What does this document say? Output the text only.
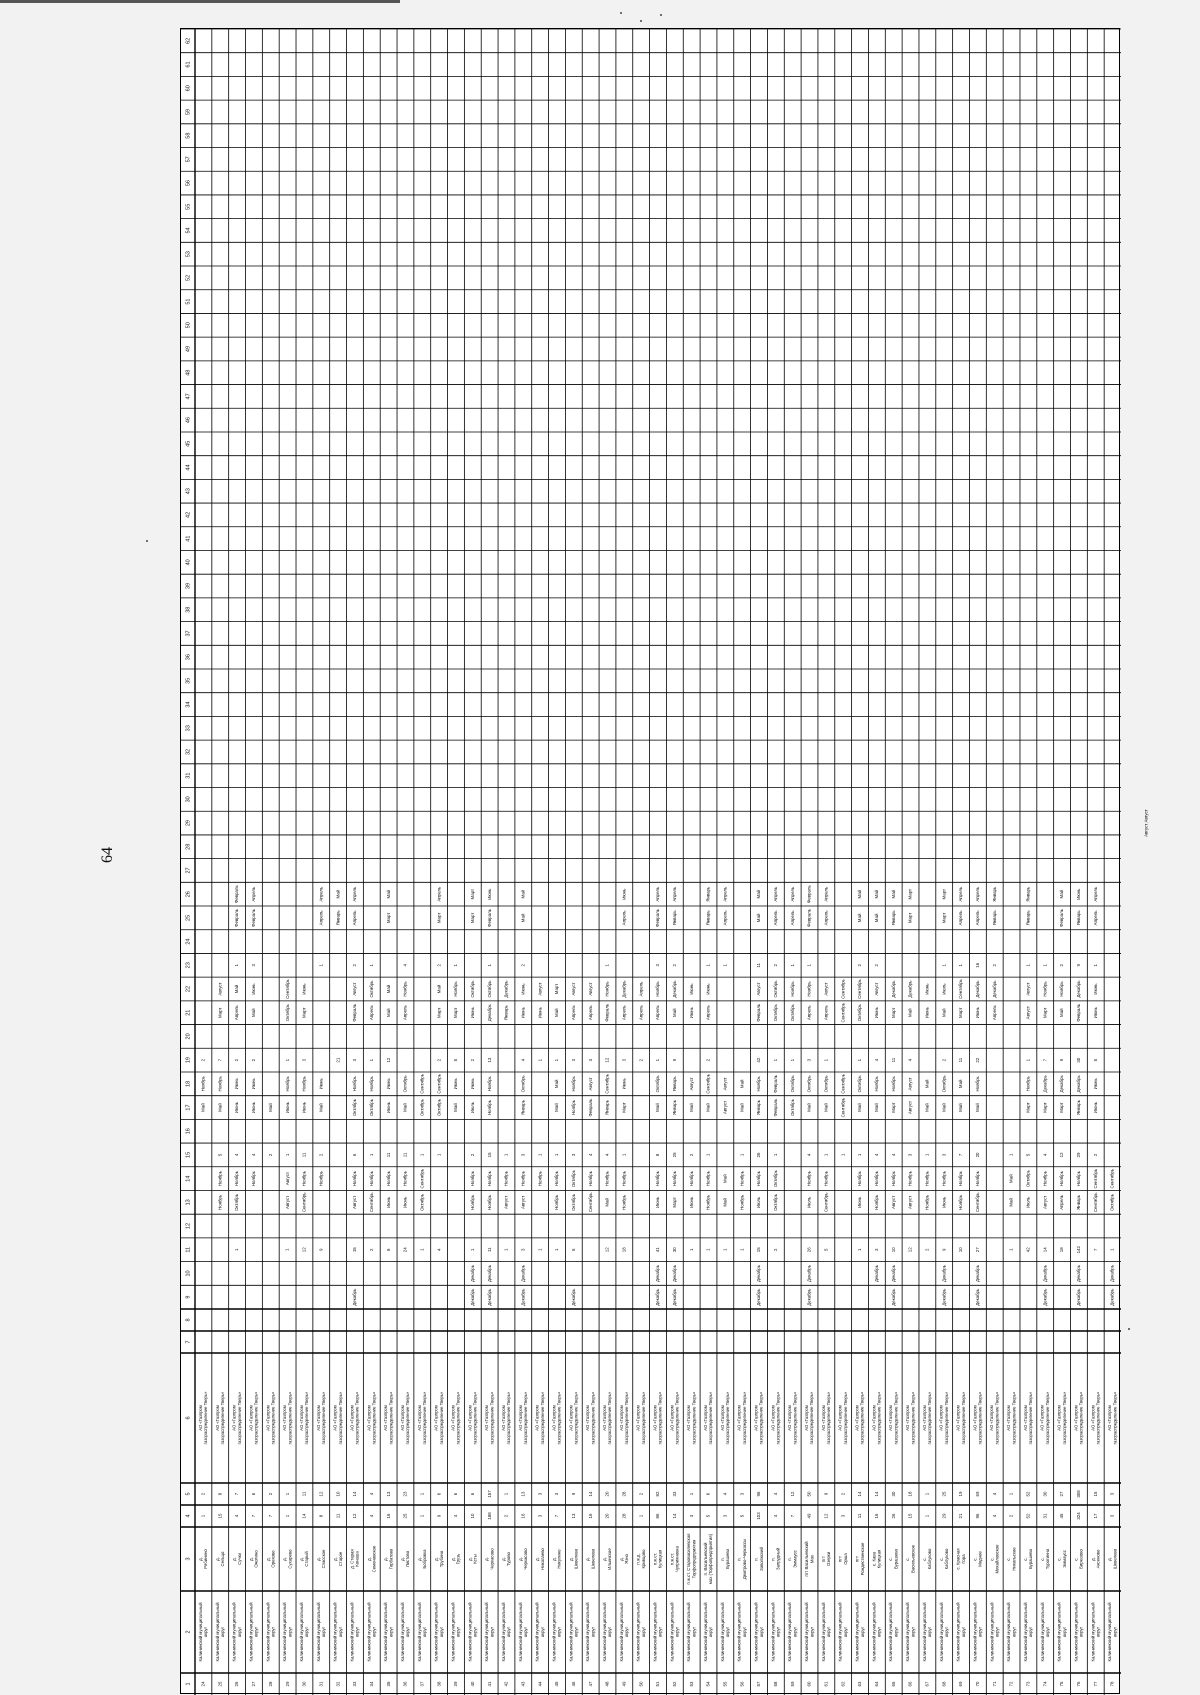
64
1
2
3
4
5
6
7
8
9
10
11
12
13
14
15
16
17
18
19
20
21
22
23
24
25
26
27
28
29
30
31
32
33
34
35
36
37
38
39
40
41
42
43
44
45
46
47
48
49
50
51
52
53
54
55
56
57
58
59
60
61
62
24
Калининский муниципальный округ
д. Рябинино
1
2
АО «Газпром газораспределение Тверь»
Май
Ноябрь
2
25
Калининский муниципальный округ
д. Сельцо
15
8
АО «Газпром газораспределение Тверь»
Ноябрь
Ноябрь
5
Май
Ноябрь
7
Март
Август
26
Калининский муниципальный округ
д. Сучки
4
7
АО «Газпром газораспределение Тверь»
1
Октябрь
Ноябрь
4
Июнь
Июнь
2
Апрель
Май
1
Февраль
Февраль
27
Калининский муниципальный округ
д. Ожогино
7
6
АО «Газпром газораспределение Тверь»
Ноябрь
4
Июнь
Июнь
2
Май
Июнь
3
Февраль
Апрель
28
Калининский муниципальный округ
д. Орехово
7
2
АО «Газпром газораспределение Тверь»
2
Май
29
Калининский муниципальный округ
д. Сухарево
1
1
АО «Газпром газораспределение Тверь»
1
Август
Август
1
Июнь
Ноябрь
1
Октябрь
Сентябрь
30
Калининский муниципальный округ
д. Старый
14
11
АО «Газпром газораспределение Тверь»
12
Сентябрь
Ноябрь
11
Июнь
Ноябрь
3
Март
Июнь
31
Калининский муниципальный округ
д. Спасское
8
12
АО «Газпром газораспределение Тверь»
9
Ноябрь
2
Май
Июнь
1
Апрель
Апрель
32
Калининский муниципальный округ
д. Староe
11
10
АО «Газпром газораспределение Тверь»
21
Январь
Май
33
Калининский муниципальный округ
д. Старая Конаша
12
14
АО «Газпром газораспределение Тверь»
Декабрь
15
Август
Ноябрь
6
Октябрь
Ноябрь
3
Февраль
Август
2
Апрель
Апрель
34
Калининский муниципальный округ
д. Семеновское
4
4
АО «Газпром газораспределение Тверь»
2
Сентябрь
Ноябрь
1
Октябрь
Ноябрь
1
Апрель
Октябрь
1
35
Калининский муниципальный округ
д. Горбатово
16
13
АО «Газпром газораспределение Тверь»
8
Июнь
Ноябрь
11
Июнь
Июнь
12
Май
Май
Март
Май
36
Калининский муниципальный округ
д. Листово
25
23
АО «Газпром газораспределение Тверь»
24
Июнь
Ноябрь
11
Май
Октябрь
Апрель
Ноябрь
4
37
Калининский муниципальный округ
д. Бобровка
1
1
АО «Газпром газораспределение Тверь»
1
Октябрь
Сентябрь
1
Октябрь
Сентябрь
38
Калининский муниципальный округ
д. Трубино
9
6
АО «Газпром газораспределение Тверь»
4
1
Октябрь
Сентябрь
2
Март
Май
2
Март
Апрель
39
Калининский муниципальный округ
д. Грузь
4
6
АО «Газпром газораспределение Тверь»
Май
Июнь
5
Март
Ноябрь
1
40
Калининский муниципальный округ
д. Ксты
10
6
АО «Газпром газораспределение Тверь»
Декабрь
Декабрь
1
Ноябрь
Ноябрь
2
Июль
Июнь
2
Июнь
Октябрь
Март
Март
41
Калининский муниципальный округ
д. Черкасово
188
157
АО «Газпром газораспределение Тверь»
Декабрь
Декабрь
11
Ноябрь
Ноябрь
15
Ноябрь
Ноябрь
13
Декабрь
Октябрь
1
Февраль
Июнь
42
Калининский муниципальный округ
д. Турово
2
1
АО «Газпром газораспределение Тверь»
1
Август
Ноябрь
1
Январь
Декабрь
43
Калининский муниципальный округ
д. Черкасово
16
13
АО «Газпром газораспределение Тверь»
Декабрь
Декабрь
3
Август
Ноябрь
3
Январь
Октябрь
4
Июнь
Июнь
2
Май
Май
44
Калининский муниципальный округ
д. Николаево
3
3
АО «Газпром газораспределение Тверь»
1
Ноябрь
1
1
Июнь
Август
45
Калининский муниципальный округ
д. Никулино
7
3
АО «Газпром газораспределение Тверь»
1
Ноябрь
Ноябрь
1
Май
Май
1
Май
Март
46
Калининский муниципальный округ
д. Шевелево
13
9
АО «Газпром газораспределение Тверь»
Декабрь
5
Октябрь
Октябрь
3
Ноябрь
Ноябрь
3
Апрель
Август
47
Калининский муниципальный округ
д. Шевелево
16
14
АО «Газпром газораспределение Тверь»
Сентябрь
Ноябрь
4
Февраль
Август
3
Апрель
Август
48
Калининский муниципальный округ
д. Ильинское
20
20
АО «Газпром газораспределение Тверь»
12
Май
Ноябрь
4
Январь
Сентябрь
12
Февраль
Ноябрь
1
49
Калининский муниципальный округ
д. Язно
28
28
АО «Газпром газораспределение Тверь»
18
Ноябрь
Ноябрь
1
Март
Июнь
3
Апрель
Декабрь
Апрель
Июнь
50
Калининский муниципальный округ
п.ж.д. Кривцово
1
2
АО «Газпром газораспределение Тверь»
2
Апрель
Апрель
51
Калининский муниципальный округ
п.ж.ст. Кулицкая
86
82
АО «Газпром газораспределение Тверь»
Декабрь
Декабрь
41
Июнь
Ноябрь
8
Май
Октябрь
1
Апрель
Ноябрь
3
Февраль
Апрель
52
Калининский муниципальный округ
п.ж.ст. Чуприяновка
14
33
АО «Газпром газораспределение Тверь»
Декабрь
Декабрь
30
Март
Ноябрь
25
Январь
Январь
9
Май
Декабрь
2
Январь
Апрель
53
Калининский муниципальный округ
п.ж.ст. Старовасилевская Торфопредприятия
3
1
АО «Газпром газораспределение Тверь»
1
Июнь
Ноябрь
2
Май
Август
Июнь
Июнь
54
Калининский муниципальный округ
п. Васильевский мох (Торфопредприятия)
5
6
АО «Газпром газораспределение Тверь»
1
Ноябрь
Ноябрь
1
Май
Сентябрь
2
Апрель
Июнь
1
Январь
Январь
55
Калининский муниципальный округ
п. Бурашево
3
4
АО «Газпром газораспределение Тверь»
1
Май
Май
Август
Август
1
Апрель
Апрель
56
Калининский муниципальный округ
п. Дмитрово-Черкассы
5
3
АО «Газпром газораспределение Тверь»
1
Ноябрь
Ноябрь
1
Май
Май
57
Калининский муниципальный округ
п. Заволжский
103
96
АО «Газпром газораспределение Тверь»
Декабрь
Декабрь
15
Июль
Ноябрь
26
Январь
Ноябрь
42
Февраль
Август
11
Май
Май
58
Калининский муниципальный округ
п. Запрудный
4
4
АО «Газпром газораспределение Тверь»
2
Октябрь
Октябрь
1
Февраль
Февраль
1
Октябрь
Октябрь
2
Апрель
Апрель
59
Калининский муниципальный округ
п. Эммаусс
7
12
АО «Газпром газораспределение Тверь»
Октябрь
Октябрь
1
Октябрь
Ноябрь
1
Апрель
Апрель
60
Калининский муниципальный округ
пгт Васильевский Мох
49
50
АО «Газпром газораспределение Тверь»
Декабрь
Декабрь
26
Июль
Ноябрь
4
Май
Октябрь
3
Апрель
Ноябрь
1
Февраль
Февраль
61
Калининский муниципальный округ
пгт Озерки
12
9
АО «Газпром газораспределение Тверь»
5
Сентябрь
Ноябрь
1
Май
Октябрь
1
Апрель
Август
Апрель
Апрель
62
Калининский муниципальный округ
пгт Орша
3
2
АО «Газпром газораспределение Тверь»
1
Сентябрь
Сентябрь
Сентябрь
Сентябрь
63
Калининский муниципальный округ
пгт Рождественское
11
14
АО «Газпром газораспределение Тверь»
1
Июнь
Ноябрь
1
Май
Октябрь
1
Октябрь
Сентябрь
2
Май
Май
64
Калининский муниципальный округ
с. Кава Кулицкая
16
14
АО «Газпром газораспределение Тверь»
Декабрь
3
Ноябрь
Ноябрь
4
Май
Ноябрь
4
Июнь
Август
2
Май
Май
65
Калининский муниципальный округ
с. Бурашево
26
30
АО «Газпром газораспределение Тверь»
Декабрь
Декабрь
10
Август
Ноябрь
4
Март
Ноябрь
11
Март
Декабрь
Январь
Май
66
Калининский муниципальный округ
с. Васильевское
15
18
АО «Газпром газораспределение Тверь»
12
Август
Ноябрь
3
Август
Август
4
Май
Декабрь
Март
Март
67
Калининский муниципальный округ
с. Каблуково
1
1
АО «Газпром газораспределение Тверь»
2
Ноябрь
Ноябрь
1
Май
Май
Июнь
Июнь
68
Калининский муниципальный округ
с. Каблуково
29
25
АО «Газпром газораспределение Тверь»
Декабрь
Декабрь
9
Июнь
Ноябрь
3
Май
Октябрь
2
Май
Июль
1
Март
Март
69
Калининский муниципальный округ
с. Красная Гора
21
19
АО «Газпром газораспределение Тверь»
10
Ноябрь
Ноябрь
7
Май
Май
11
Март
Сентябрь
1
Апрель
Апрель
70
Калининский муниципальный округ
с. Медное
96
69
АО «Газпром газораспределение Тверь»
Декабрь
Декабрь
27
Сентябрь
Ноябрь
20
Май
Ноябрь
22
Июнь
Декабрь
16
Апрель
Апрель
71
Калининский муниципальный округ
с. Михайловское
4
4
АО «Газпром газораспределение Тверь»
Апрель
Декабрь
2
Январь
Январь
72
Калининский муниципальный округ
с. Никольское
2
1
АО «Газпром газораспределение Тверь»
1
Май
Май
1
73
Калининский муниципальный округ
с. Бурашево
52
52
АО «Газпром газораспределение Тверь»
42
Июль
Октябрь
5
Март
Ноябрь
1
Август
Август
1
Январь
Январь
74
Калининский муниципальный округ
с. Турогинно
31
30
АО «Газпром газораспределение Тверь»
Декабрь
Декабрь
14
Август
Ноябрь
4
Март
Декабрь
7
Март
Ноябрь
1
75
Калининский муниципальный округ
с. Эммаусс
45
27
АО «Газпром газораспределение Тверь»
18
Апрель
Ноябрь
12
Март
Декабрь
9
Май
Ноябрь
2
Февраль
Май
76
Калининский муниципальный округ
с. Бирюзово
324
308
АО «Газпром газораспределение Тверь»
Декабрь
Декабрь
142
Январь
Ноябрь
29
Январь
Декабрь
30
Февраль
Декабрь
9
Январь
Июнь
77
Калининский муниципальный округ
д. Аксеново
17
15
АО «Газпром газораспределение Тверь»
7
Сентябрь
Сентябрь
2
Июнь
Июнь
5
Июнь
Июнь
1
Апрель
Апрель
78
Калининский муниципальный округ
д. Шевелево
3
3
АО «Газпром газораспределение Тверь»
Декабрь
Декабрь
1
Октябрь
Сентябрь
Август Август
